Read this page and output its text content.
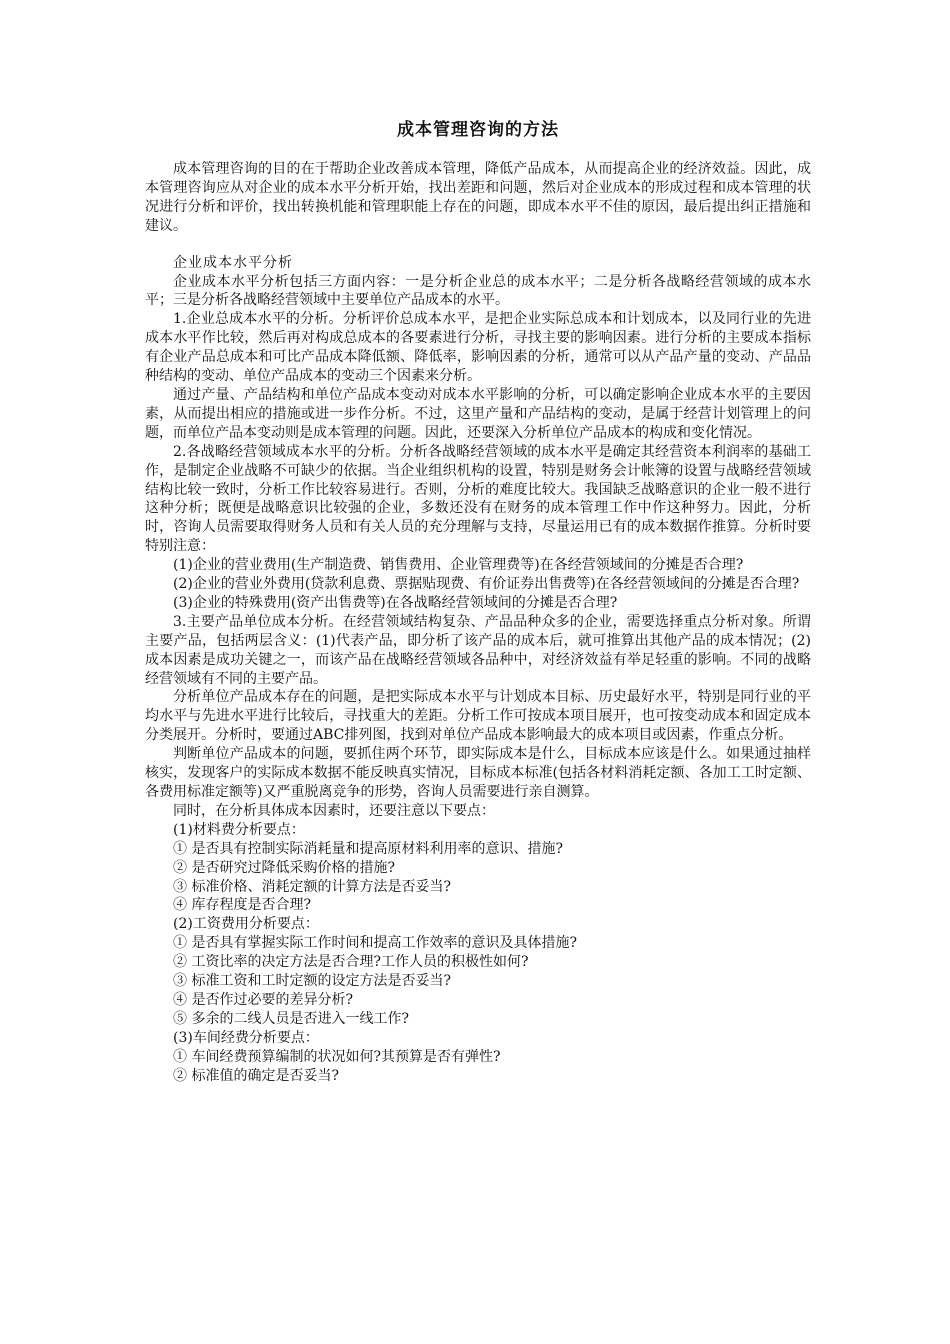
成本管理咨询的方法

成本管理咨询的目的在于帮助企业改善成本管理，降低产品成本，从而提高企业的经济效益。因此，成本管理咨询应从对企业的成本水平分析开始，找出差距和问题，然后对企业成本的形成过程和成本管理的状况进行分析和评价，找出转换机能和管理职能上存在的问题，即成本水平不佳的原因，最后提出纠正措施和建议。

企业成本水平分析

企业成本水平分析包括三方面内容：一是分析企业总的成本水平；二是分析各战略经营领域的成本水平；三是分析各战略经营领域中主要单位产品成本的水平。

1.企业总成本水平的分析。分析评价总成本水平，是把企业实际总成本和计划成本，以及同行业的先进成本水平作比较，然后再对构成总成本的各要素进行分析，寻找主要的影响因素。进行分析的主要成本指标有企业产品总成本和可比产品成本降低额、降低率，影响因素的分析，通常可以从产品产量的变动、产品品种结构的变动、单位产品成本的变动三个因素来分析。

通过产量、产品结构和单位产品成本变动对成本水平影响的分析，可以确定影响企业成本水平的主要因素，从而提出相应的措施或进一步作分析。不过，这里产量和产品结构的变动，是属于经营计划管理上的问题，而单位产品本变动则是成本管理的问题。因此，还要深入分析单位产品成本的构成和变化情况。

2.各战略经营领域成本水平的分析。分析各战略经营领域的成本水平是确定其经营资本利润率的基础工作，是制定企业战略不可缺少的依据。当企业组织机构的设置，特别是财务会计帐簿的设置与战略经营领域结构比较一致时，分析工作比较容易进行。否则，分析的难度比较大。我国缺乏战略意识的企业一般不进行这种分析；既便是战略意识比较强的企业，多数还没有在财务的成本管理工作中作这种努力。因此，分析时，咨询人员需要取得财务人员和有关人员的充分理解与支持，尽量运用已有的成本数据作推算。分析时要特别注意：

(1)企业的营业费用(生产制造费、销售费用、企业管理费等)在各经营领域间的分摊是否合理?

(2)企业的营业外费用(贷款利息费、票据贴现费、有价证券出售费等)在各经营领域间的分摊是否合理?

(3)企业的特殊费用(资产出售费等)在各战略经营领域间的分摊是否合理?

3.主要产品单位成本分析。在经营领域结构复杂、产品品种众多的企业，需要选择重点分析对象。所谓主要产品，包括两层含义：(1)代表产品，即分析了该产品的成本后，就可推算出其他产品的成本情况；(2)成本因素是成功关键之一，而该产品在战略经营领域各品种中，对经济效益有举足轻重的影响。不同的战略经营领域有不同的主要产品。

分析单位产品成本存在的问题，是把实际成本水平与计划成本目标、历史最好水平，特别是同行业的平均水平与先进水平进行比较后，寻找重大的差距。分析工作可按成本项目展开，也可按变动成本和固定成本分类展开。分析时，要通过ABC排列图，找到对单位产品成本影响最大的成本项目或因素，作重点分析。

判断单位产品成本的问题，要抓住两个环节，即实际成本是什么，目标成本应该是什么。如果通过抽样核实，发现客户的实际成本数据不能反映真实情况，目标成本标准(包括各材料消耗定额、各加工工时定额、各费用标准定额等)又严重脱离竞争的形势，咨询人员需要进行亲自测算。

同时，在分析具体成本因素时，还要注意以下要点：

(1)材料费分析要点：

① 是否具有控制实际消耗量和提高原材料利用率的意识、措施?

② 是否研究过降低采购价格的措施?

③ 标准价格、消耗定额的计算方法是否妥当?

④ 库存程度是否合理?

(2)工资费用分析要点：

① 是否具有掌握实际工作时间和提高工作效率的意识及具体措施?

② 工资比率的决定方法是否合理?工作人员的积极性如何?

③ 标准工资和工时定额的设定方法是否妥当?

④ 是否作过必要的差异分析?

⑤ 多余的二线人员是否进入一线工作?

(3)车间经费分析要点：

① 车间经费预算编制的状况如何?其预算是否有弹性?

② 标准值的确定是否妥当?
